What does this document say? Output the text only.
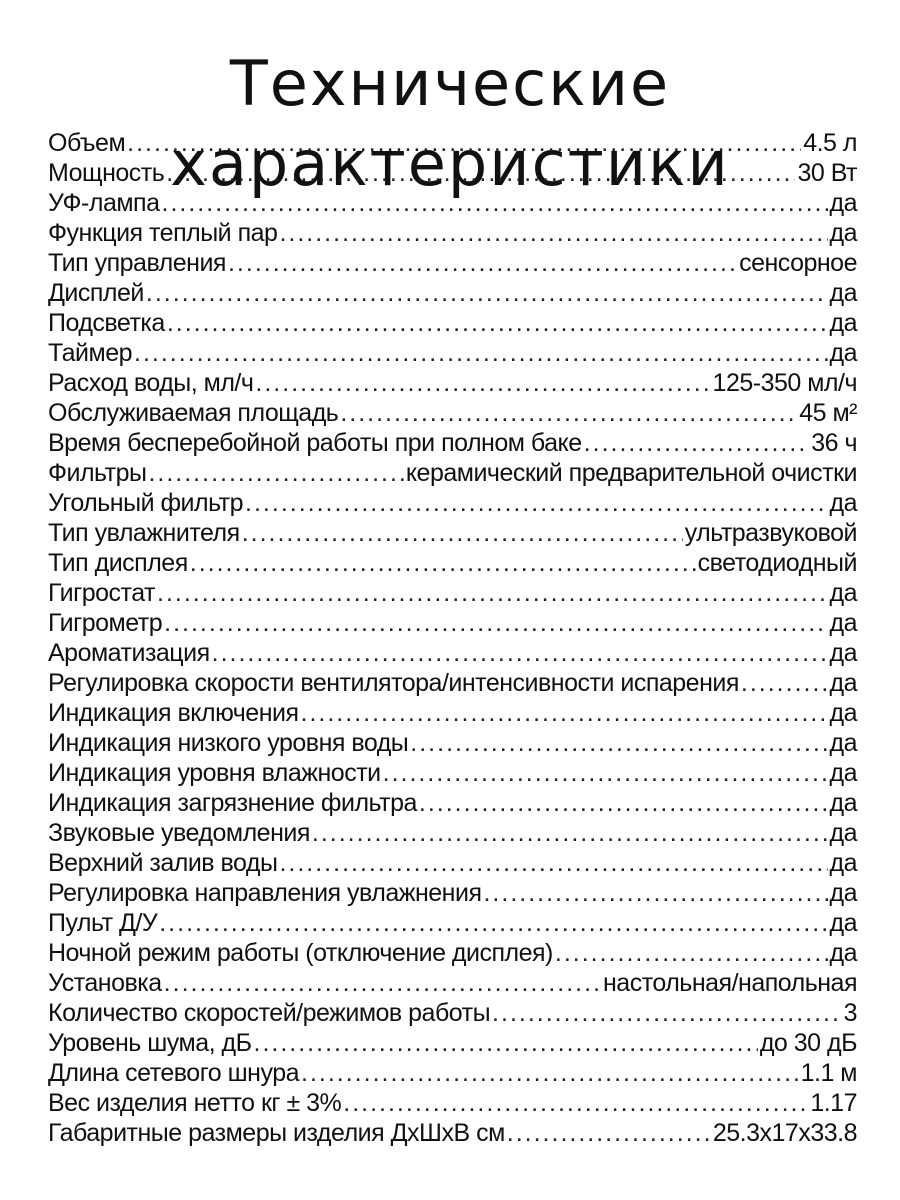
Технические характеристики
Объем .....	4.5 л
Мощность .....	30 Вт
УФ-лампа .....	да
Функция теплый пар .....	да
Тип управления .....	сенсорное
Дисплей .....	да
Подсветка .....	да
Таймер .....	да
Расход воды, мл/ч .....	125-350 мл/ч
Обслуживаемая площадь .....	45 м²
Время бесперебойной работы при полном баке .....	36 ч
Фильтры .....	керамический предварительной очистки
Угольный фильтр .....	да
Тип увлажнителя .....	ультразвуковой
Тип дисплея .....	светодиодный
Гигростат .....	да
Гигрометр .....	да
Ароматизация .....	да
Регулировка скорости вентилятора/интенсивности испарения .....	да
Индикация включения .....	да
Индикация низкого уровня воды .....	да
Индикация уровня влажности .....	да
Индикация загрязнение фильтра .....	да
Звуковые уведомления .....	да
Верхний залив воды .....	да
Регулировка направления увлажнения .....	да
Пульт Д/У .....	да
Ночной режим работы (отключение дисплея) .....	да
Установка .....	настольная/напольная
Количество скоростей/режимов работы .....	3
Уровень шума, дБ .....	до 30 дБ
Длина сетевого шнура .....	1.1 м
Вес изделия нетто кг ± 3% .....	1.17
Габаритные размеры изделия ДхШхВ см .....	25.3x17x33.8
